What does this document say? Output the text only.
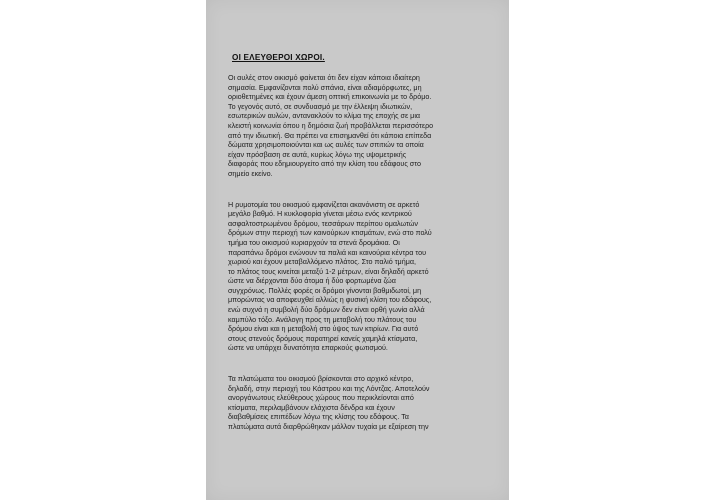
ΟΙ ΕΛΕΥΘΕΡΟΙ ΧΩΡΟΙ.
Οι αυλές στον οικισμό φαίνεται ότι δεν είχαν κάποια ιδιαίτερη
σημασία. Εμφανίζονται πολύ σπάνια, είναι αδιαμόρφωτες, μη
οριοθετημένες και έχουν άμεση οπτική επικοινωνία με το δρόμο.
Το γεγονός αυτό, σε συνδυασμό με την έλλειψη ιδιωτικών,
εσωτερικών αυλών, αντανακλούν το κλίμα της εποχής σε μια
κλειστή κοινωνία όπου η δημόσια ζωή προβάλλεται περισσότερο
από την ιδιωτική. Θα πρέπει να επισημανθεί ότι κάποια επίπεδα
δώματα χρησιμοποιούνται και ως αυλές των σπιτιών τα οποία
είχαν πρόσβαση σε αυτά, κυρίως λόγω της υψομετρικής
διαφοράς που εδημιουργείτο από την κλίση του εδάφους στο
σημείο εκείνο.
Η ρυμοτομία του οικισμού εμφανίζεται ακανόνιστη σε αρκετό
μεγάλο βαθμό. Η κυκλοφορία γίνεται μέσω ενός κεντρικού
ασφαλτοστρωμένου δρόμου, τεσσάρων περίπου ομαλωτών
δρόμων στην περιοχή των καινούριων κτισμάτων, ενώ στο πολύ
τμήμα του οικισμού κυριαρχούν τα στενά δρομάκια. Οι
παραπάνω δρόμοι ενώνουν τα παλιά και καινούρια κέντρα του
χωριού και έχουν μεταβαλλόμενο πλάτος. Στο παλιό τμήμα,
το πλάτος τους κινείται μεταξύ 1-2 μέτρων, είναι δηλαδή αρκετό
ώστε να διέρχονται δύο άτομα ή δύο φορτωμένα ζώα
συγχρόνως. Πολλές φορές οι δρόμοι γίνονται βαθμιδωτοί, μη
μπορώντας να αποφευχθεί αλλιώς η φυσική κλίση του εδάφους,
ενώ συχνά η συμβολή δύο δρόμων δεν είναι ορθή γωνία αλλά
καμπύλο τόξο. Ανάλογη προς τη μεταβολή του πλάτους του
δρόμου είναι και η μεταβολή στο ύψος των κτιρίων. Για αυτό
στους στενούς δρόμους παρατηρεί κανείς χαμηλά κτίσματα,
ώστε να υπάρχει δυνατότητα επαρκούς φωτισμού.
Τα πλατώματα του οικισμού βρίσκονται στο αρχικό κέντρο,
δηλαδή, στην περιοχή του Κάστρου και της Λόντζας. Αποτελούν
ανοργάνωτους ελεύθερους χώρους που περικλείονται από
κτίσματα, περιλαμβάνουν ελάχιστα δένδρα και έχουν
διαβαθμίσεις επιπέδων λόγω της κλίσης του εδάφους. Τα
πλατώματα αυτά διαρθρώθηκαν μάλλον τυχαία με εξαίρεση την
